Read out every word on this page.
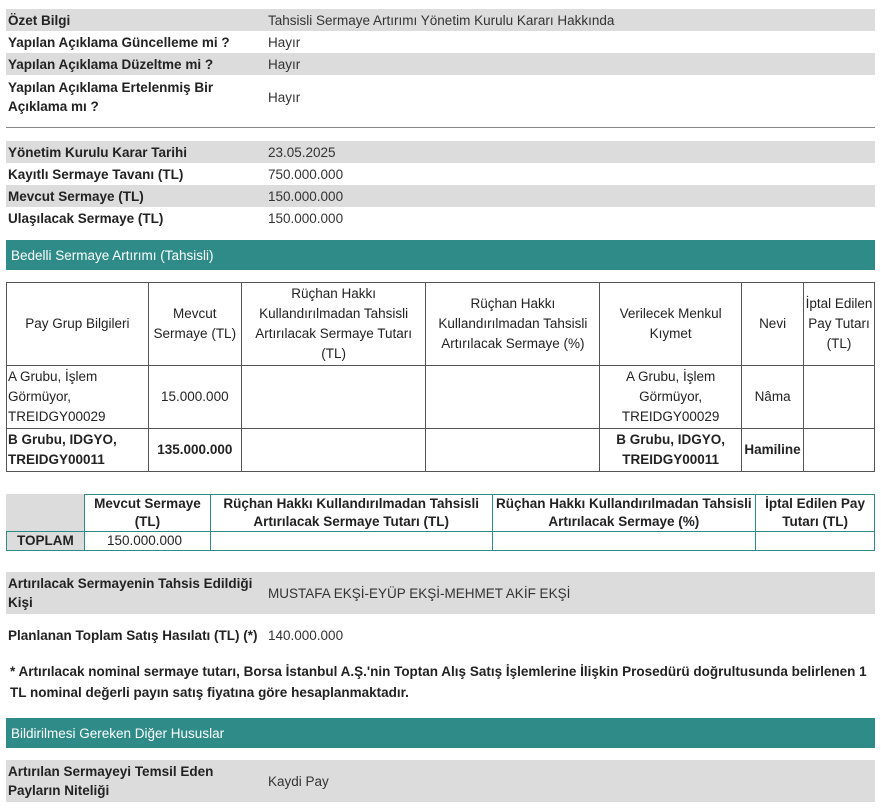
Özet Bilgi	Tahsisli Sermaye Artırımı Yönetim Kurulu Kararı Hakkında
Yapılan Açıklama Güncelleme mi ?	Hayır
Yapılan Açıklama Düzeltme mi ?	Hayır
Yapılan Açıklama Ertelenmiş Bir Açıklama mı ?
Hayır
Yönetim Kurulu Karar Tarihi	23.05.2025
Kayıtlı Sermaye Tavanı (TL)	750.000.000
Mevcut Sermaye (TL)	150.000.000
Ulaşılacak Sermaye (TL)	150.000.000
Bedelli Sermaye Artırımı (Tahsisli)
Pay Grup Bilgileri	Mevcut Sermaye (TL)	Rüçhan Hakkı Kullandırılmadan Tahsisli Artırılacak Sermaye Tutarı (TL)	Rüçhan Hakkı Kullandırılmadan Tahsisli Artırılacak Sermaye (%)	Verilecek Menkul Kıymet	Nevi	İptal Edilen Pay Tutarı (TL)
A Grubu, İşlem Görmüyor, TREIDGY00029	15.000.000			A Grubu, İşlem Görmüyor, TREIDGY00029	Nâma	
B Grubu, IDGYO, TREIDGY00011	135.000.000			B Grubu, IDGYO, TREIDGY00011	Hamiline	
	Mevcut Sermaye (TL)	Rüçhan Hakkı Kullandırılmadan Tahsisli Artırılacak Sermaye Tutarı (TL)	Rüçhan Hakkı Kullandırılmadan Tahsisli Artırılacak Sermaye (%)	İptal Edilen Pay Tutarı (TL)
TOPLAM	150.000.000			
Artırılacak Sermayenin Tahsis Edildiği Kişi
MUSTAFA EKŞİ-EYÜP EKŞİ-MEHMET AKİF EKŞİ
Planlanan Toplam Satış Hasılatı (TL) (*) 140.000.000
* Artırılacak nominal sermaye tutarı, Borsa İstanbul A.Ş.'nin Toptan Alış Satış İşlemlerine İlişkin Prosedürü doğrultusunda belirlenen 1 TL nominal değerli payın satış fiyatına göre hesaplanmaktadır.
Bildirilmesi Gereken Diğer Hususlar
Artırılan Sermayeyi Temsil Eden Payların Niteliği
Kaydi Pay
